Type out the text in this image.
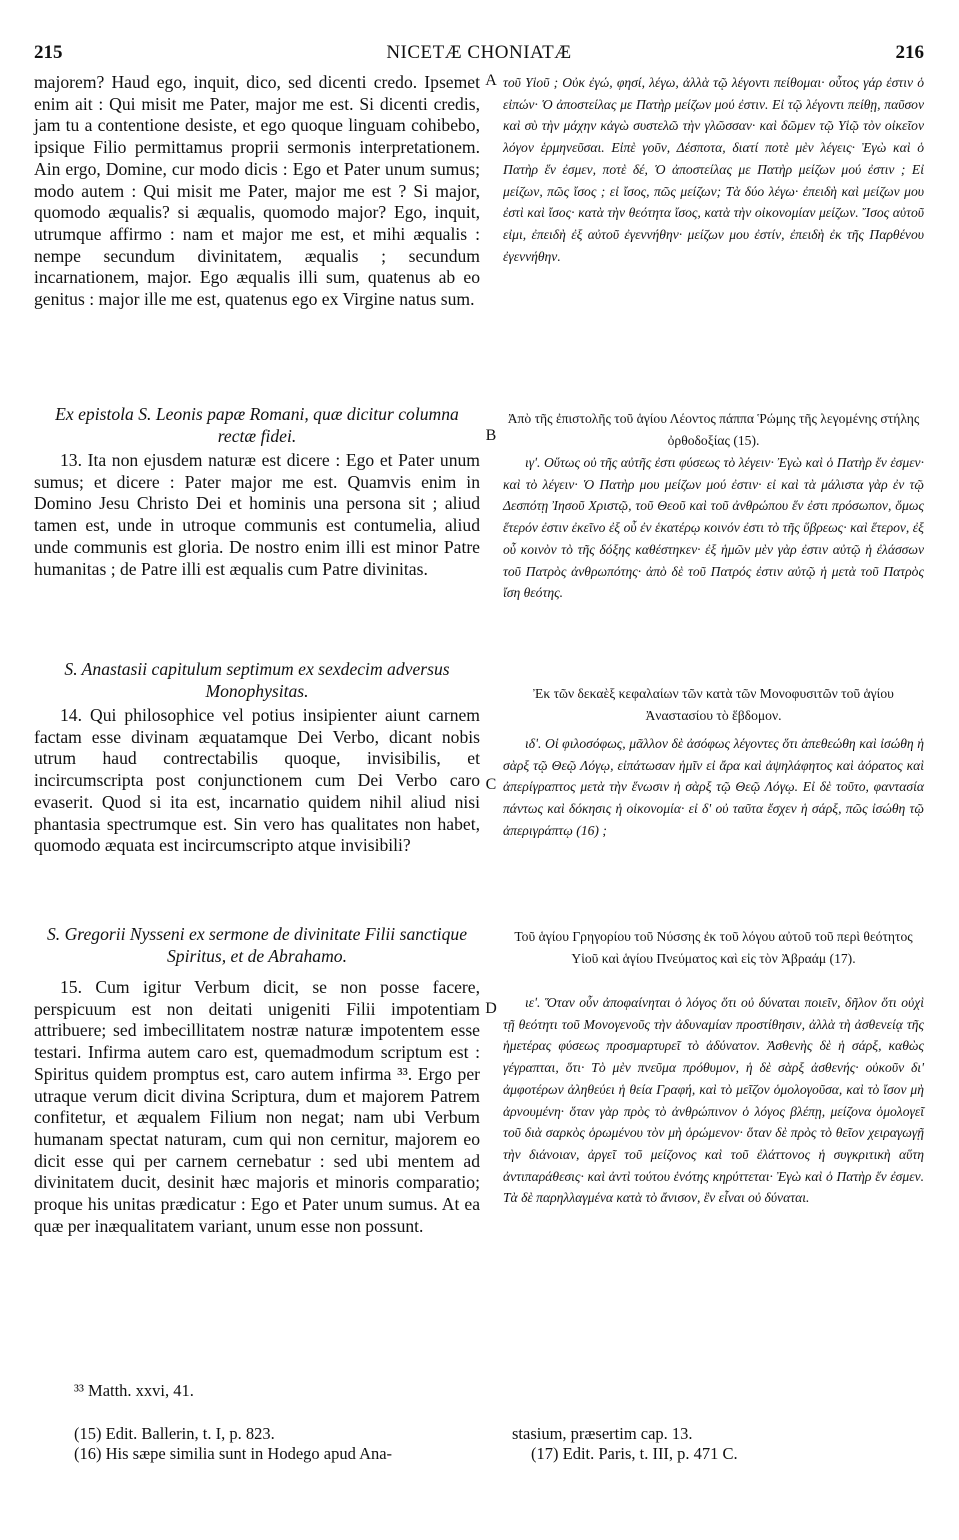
215	NICETÆ CHONIATÆ	216

majorem? Haud ego, inquit, dico, sed dicenti credo. Ipsemet enim ait : Qui misit me Pater, major me est. Si dicenti credis, jam tu a contentione desiste, et ego quoque linguam cohibebo, ipsique Filio permittamus proprii sermonis interpretationem. Ain ergo, Domine, cur modo dicis : Ego et Pater unum sumus; modo autem : Qui misit me Pater, major me est ? Si major, quomodo æqualis? si æqualis, quomodo major? Ego, inquit, utrumque affirmo : nam et major me est, et mihi æqualis : nempe secundum divinitatem, æqualis ; secundum incarnationem, major. Ego æqualis illi sum, quatenus ab eo genitus : major ille me est, quatenus ego ex Virgine natus sum.

Ex epistola S. Leonis papæ Romani, quæ dicitur columna rectæ fidei.

13. Ita non ejusdem naturæ est dicere : Ego et Pater unum sumus; et dicere : Pater major me est. Quamvis enim in Domino Jesu Christo Dei et hominis una persona sit ; aliud tamen est, unde in utroque communis est contumelia, aliud unde communis est gloria. De nostro enim illi est minor Patre humanitas ; de Patre illi est æqualis cum Patre divinitas.

S. Anastasii capitulum septimum ex sexdecim adversus Monophysitas.

14. Qui philosophice vel potius insipienter aiunt carnem factam esse divinam æquatamque Dei Verbo, dicant nobis utrum haud contrectabilis quoque, invisibilis, et incircumscripta post conjunctionem cum Dei Verbo caro evaserit. Quod si ita est, incarnatio quidem nihil aliud nisi phantasia spectrumque est. Sin vero has qualitates non habet, quomodo æquata est incircumscripto atque invisibili?

S. Gregorii Nysseni ex sermone de divinitate Filii sanctique Spiritus, et de Abrahamo.

15. Cum igitur Verbum dicit, se non posse facere, perspicuum est non deitati unigeniti Filii impotentiam attribuere; sed imbecillitatem nostræ naturæ impotentem esse testari. Infirma autem caro est, quemadmodum scriptum est : Spiritus quidem promptus est, caro autem infirma ³³. Ergo per utraque verum dicit divina Scriptura, dum et majorem Patrem confitetur, et æqualem Filium non negat; nam ubi Verbum humanam spectat naturam, cum qui non cernitur, majorem eo dicit esse qui per carnem cernebatur : sed ubi mentem ad divinitatem ducit, desinit hæc majoris et minoris comparatio; proque his unitas prædicatur : Ego et Pater unum sumus. At ea quæ per inæqualitatem variant, unum esse non possunt.

A
B
C
D

τοῦ Υἱοῦ ; Οὐκ ἐγώ, φησί, λέγω, ἀλλὰ τῷ λέγοντι πείθομαι· οὗτος γάρ ἐστιν ὁ εἰπών· Ὁ ἀποστείλας με Πατὴρ μείζων μού ἐστιν. Εἰ τῷ λέγοντι πείθῃ, παῦσον καὶ σὺ τὴν μάχην κἀγὼ συστελῶ τὴν γλῶσσαν· καὶ δῶμεν τῷ Υἱῷ τὸν οἰκεῖον λόγον ἑρμηνεῦσαι. Εἰπὲ γοῦν, Δέσποτα, διατί ποτὲ μὲν λέγεις· Ἐγὼ καὶ ὁ Πατὴρ ἕν ἐσμεν, ποτὲ δέ, Ὁ ἀποστείλας με Πατὴρ μείζων μού ἐστιν ; Εἰ μείζων, πῶς ἴσος ; εἰ ἴσος, πῶς μείζων; Τὰ δύο λέγω· ἐπειδὴ καὶ μείζων μου ἐστὶ καὶ ἴσος· κατὰ τὴν θεότητα ἴσος, κατὰ τὴν οἰκονομίαν μείζων. Ἴσος αὐτοῦ εἰμι, ἐπειδὴ ἐξ αὐτοῦ ἐγεννήθην· μείζων μου ἐστίν, ἐπειδὴ ἐκ τῆς Παρθένου ἐγεννήθην.

Ἀπὸ τῆς ἐπιστολῆς τοῦ ἁγίου Λέοντος πάππα Ῥώμης τῆς λεγομένης στήλης ὀρθοδοξίας (15).

ιγʹ. Οὕτως οὐ τῆς αὐτῆς ἐστι φύσεως τὸ λέγειν· Ἐγὼ καὶ ὁ Πατὴρ ἕν ἐσμεν· καὶ τὸ λέγειν· Ὁ Πατὴρ μου μείζων μού ἐστιν· εἰ καὶ τὰ μάλιστα γὰρ ἐν τῷ Δεσπότῃ Ἰησοῦ Χριστῷ, τοῦ Θεοῦ καὶ τοῦ ἀνθρώπου ἕν ἐστι πρόσωπον, ὅμως ἕτερόν ἐστιν ἐκεῖνο ἐξ οὗ ἐν ἑκατέρῳ κοινόν ἐστι τὸ τῆς ὕβρεως· καὶ ἕτερον, ἐξ οὗ κοινὸν τὸ τῆς δόξης καθέστηκεν· ἐξ ἡμῶν μὲν γὰρ ἐστιν αὐτῷ ἡ ἐλάσσων τοῦ Πατρὸς ἀνθρωπότης· ἀπὸ δὲ τοῦ Πατρός ἐστιν αὐτῷ ἡ μετὰ τοῦ Πατρὸς ἴση θεότης.

Ἐκ τῶν δεκαὲξ κεφαλαίων τῶν κατὰ τῶν Μονοφυσιτῶν τοῦ ἁγίου Ἀναστασίου τὸ ἕβδομον.

ιδʹ. Οἱ φιλοσόφως, μᾶλλον δὲ ἀσόφως λέγοντες ὅτι ἀπεθεώθη καὶ ἰσώθη ἡ σὰρξ τῷ Θεῷ Λόγῳ, εἰπάτωσαν ἡμῖν εἰ ἄρα καὶ ἀψηλάφητος καὶ ἀόρατος καὶ ἀπερίγραπτος μετὰ τὴν ἕνωσιν ἡ σὰρξ τῷ Θεῷ Λόγῳ. Εἰ δὲ τοῦτο, φαντασία πάντως καὶ δόκησις ἡ οἰκονομία· εἰ δ' οὐ ταῦτα ἔσχεν ἡ σάρξ, πῶς ἰσώθη τῷ ἀπεριγράπτῳ (16) ;

Τοῦ ἁγίου Γρηγορίου τοῦ Νύσσης ἐκ τοῦ λόγου αὐτοῦ τοῦ περὶ θεότητος Υἱοῦ καὶ ἁγίου Πνεύματος καὶ εἰς τὸν Ἀβραάμ (17).

ιεʹ. Ὅταν οὖν ἀποφαίνηται ὁ λόγος ὅτι οὐ δύναται ποιεῖν, δῆλον ὅτι οὐχὶ τῇ θεότητι τοῦ Μονογενοῦς τὴν ἀδυναμίαν προστίθησιν, ἀλλὰ τὴ ἀσθενείᾳ τῆς ἡμετέρας φύσεως προσμαρτυρεῖ τὸ ἀδύνατον. Ἀσθενὴς δὲ ἡ σάρξ, καθὼς γέγραπται, ὅτι· Τὸ μὲν πνεῦμα πρόθυμον, ἡ δὲ σὰρξ ἀσθενής· οὐκοῦν δι' ἀμφοτέρων ἀληθεύει ἡ θεία Γραφή, καὶ τὸ μεῖζον ὁμολογοῦσα, καὶ τὸ ἴσον μὴ ἀρνουμένη· ὅταν γὰρ πρὸς τὸ ἀνθρώπινον ὁ λόγος βλέπῃ, μείζονα ὁμολογεῖ τοῦ διὰ σαρκὸς ὁρωμένου τὸν μὴ ὁρώμενον· ὅταν δὲ πρὸς τὸ θεῖον χειραγωγῇ τὴν διάνοιαν, ἀργεῖ τοῦ μείζονος καὶ τοῦ ἐλάττονος ἡ συγκριτικὴ αὕτη ἀντιπαράθεσις· καὶ ἀντὶ τούτου ἑνότης κηρύττεται· Ἐγὼ καὶ ὁ Πατὴρ ἕν ἐσμεν. Τὰ δὲ παρηλλαγμένα κατὰ τὸ ἄνισον, ἓν εἶναι οὐ δύναται.

³³ Matth. xxvi, 41.
(15) Edit. Ballerin, t. I, p. 823.
(16) His sæpe similia sunt in Hodego apud Ana-
stasium, præsertim cap. 13.
(17) Edit. Paris, t. III, p. 471 C.
